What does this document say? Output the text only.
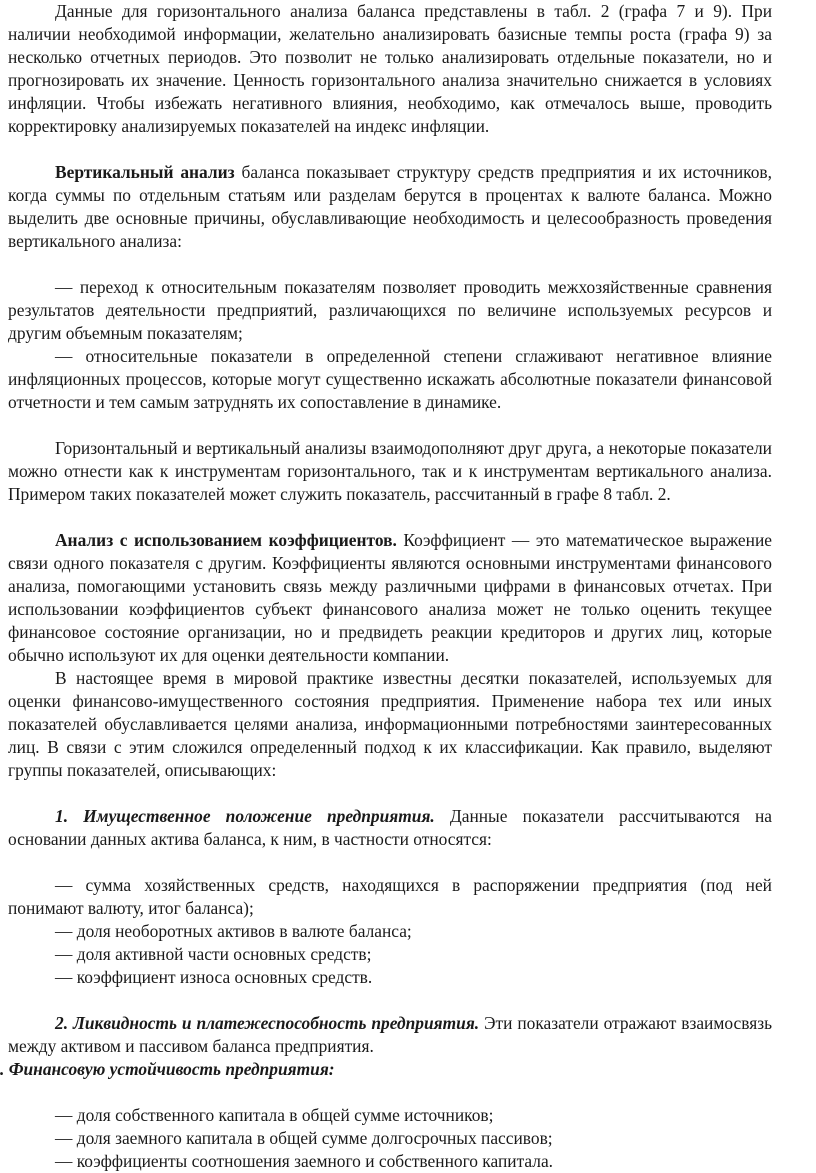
Данные для горизонтального анализа баланса представлены в табл. 2 (графа 7 и 9). При наличии необходимой информации, желательно анализировать базисные темпы роста (графа 9) за несколько отчетных периодов. Это позволит не только анализировать отдельные показатели, но и прогнозировать их значение. Ценность горизонтального анализа значительно снижается в условиях инфляции. Чтобы избежать негативного влияния, необходимо, как отмечалось выше, проводить корректировку анализируемых показателей на индекс инфляции.

Вертикальный анализ баланса показывает структуру средств предприятия и их источников, когда суммы по отдельным статьям или разделам берутся в процентах к валюте баланса. Можно выделить две основные причины, обуславливающие необходимость и целесообразность проведения вертикального анализа:

— переход к относительным показателям позволяет проводить межхозяйственные сравнения результатов деятельности предприятий, различающихся по величине используемых ресурсов и другим объемным показателям;

— относительные показатели в определенной степени сглаживают негативное влияние инфляционных процессов, которые могут существенно искажать абсолютные показатели финансовой отчетности и тем самым затруднять их сопоставление в динамике.

Горизонтальный и вертикальный анализы взаимодополняют друг друга, а некоторые показатели можно отнести как к инструментам горизонтального, так и к инструментам вертикального анализа. Примером таких показателей может служить показатель, рассчитанный в графе 8 табл. 2.

Анализ с использованием коэффициентов. Коэффициент — это математическое выражение связи одного показателя с другим. Коэффициенты являются основными инструментами финансового анализа, помогающими установить связь между различными цифрами в финансовых отчетах. При использовании коэффициентов субъект финансового анализа может не только оценить текущее финансовое состояние организации, но и предвидеть реакции кредиторов и других лиц, которые обычно используют их для оценки деятельности компании.

В настоящее время в мировой практике известны десятки показателей, используемых для оценки финансово-имущественного состояния предприятия. Применение набора тех или иных показателей обуславливается целями анализа, информационными потребностями заинтересованных лиц. В связи с этим сложился определенный подход к их классификации. Как правило, выделяют группы показателей, описывающих:

1. Имущественное положение предприятия. Данные показатели рассчитываются на основании данных актива баланса, к ним, в частности относятся:

— сумма хозяйственных средств, находящихся в распоряжении предприятия (под ней понимают валюту, итог баланса);

— доля необоротных активов в валюте баланса;

— доля активной части основных средств;

— коэффициент износа основных средств.

2. Ликвидность и платежеспособность предприятия. Эти показатели отражают взаимосвязь между активом и пассивом баланса предприятия.

. Финансовую устойчивость предприятия:

— доля собственного капитала в общей сумме источников;

— доля заемного капитала в общей сумме долгосрочных пассивов;

— коэффициенты соотношения заемного и собственного капитала.
